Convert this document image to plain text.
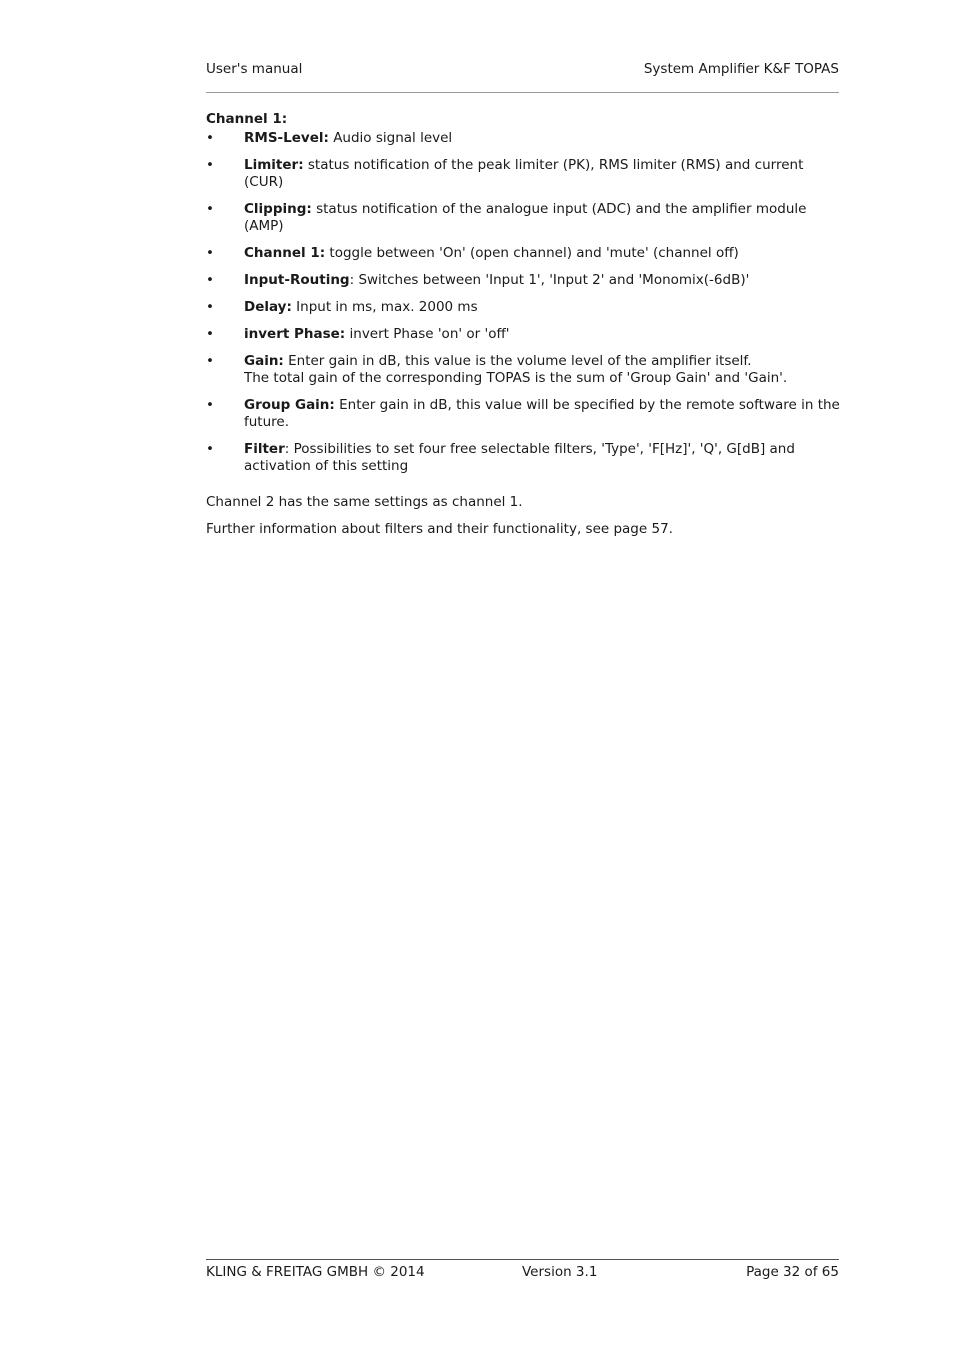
User's manual	System Amplifier K&F TOPAS
Channel 1:
• RMS-Level: Audio signal level
• Limiter: status notification of the peak limiter (PK), RMS limiter (RMS) and current (CUR)
• Clipping: status notification of the analogue input (ADC) and the amplifier module (AMP)
• Channel 1: toggle between 'On' (open channel) and 'mute' (channel off)
• Input-Routing: Switches between 'Input 1', 'Input 2' and 'Monomix(-6dB)'
• Delay: Input in ms, max. 2000 ms
• invert Phase: invert Phase 'on' or 'off'
• Gain: Enter gain in dB, this value is the volume level of the amplifier itself.
The total gain of the corresponding TOPAS is the sum of 'Group Gain' and 'Gain'.
• Group Gain: Enter gain in dB, this value will be specified by the remote software in the future.
• Filter: Possibilities to set four free selectable filters, 'Type', 'F[Hz]', 'Q', G[dB] and activation of this setting

Channel 2 has the same settings as channel 1.

Further information about filters and their functionality, see page 57.

KLING & FREITAG GMBH © 2014	Version 3.1	Page 32 of 65
